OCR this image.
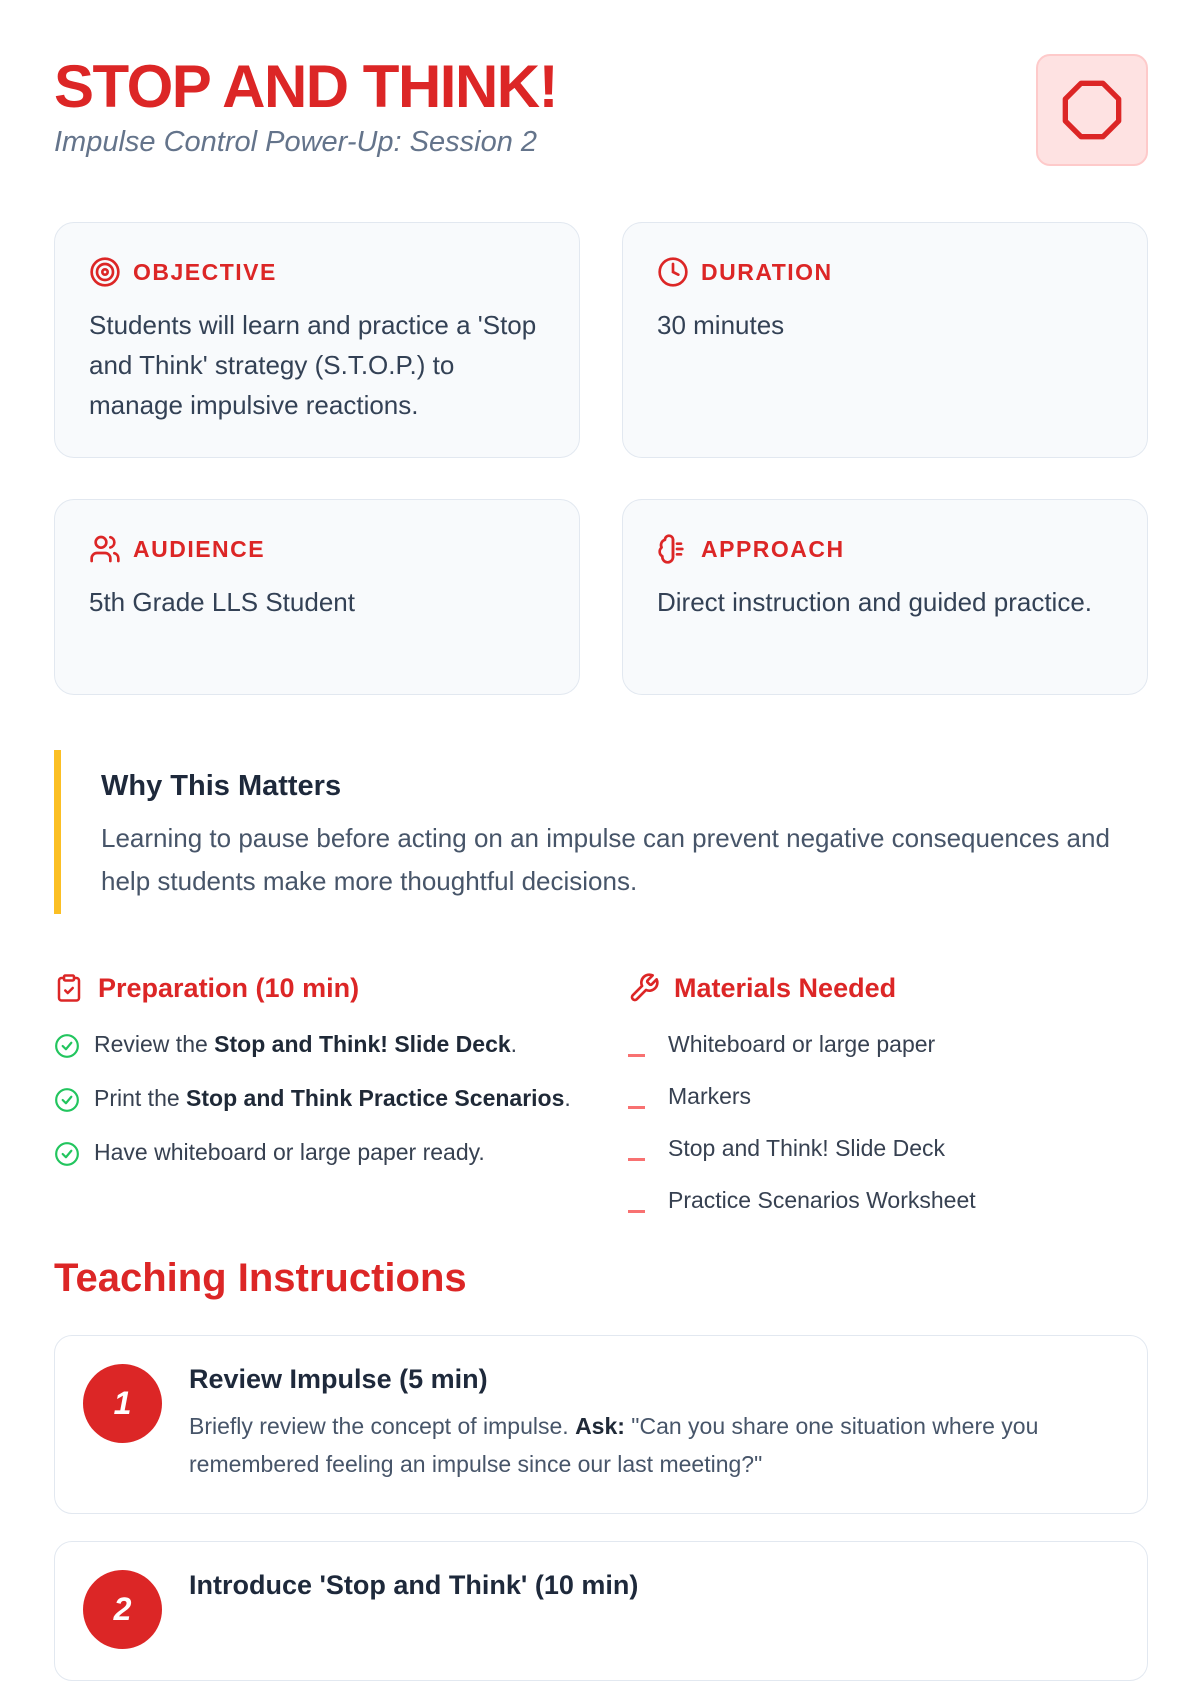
STOP AND THINK!
Impulse Control Power-Up: Session 2
OBJECTIVE
Students will learn and practice a 'Stop and Think' strategy (S.T.O.P.) to manage impulsive reactions.
DURATION
30 minutes
AUDIENCE
5th Grade LLS Student
APPROACH
Direct instruction and guided practice.
Why This Matters

Learning to pause before acting on an impulse can prevent negative consequences and help students make more thoughtful decisions.

Preparation (10 min)
Review the Stop and Think! Slide Deck.
Print the Stop and Think Practice Scenarios.
Have whiteboard or large paper ready.
Materials Needed
Whiteboard or large paper
Markers
Stop and Think! Slide Deck
Practice Scenarios Worksheet
Teaching Instructions
1
Review Impulse (5 min)

Briefly review the concept of impulse. Ask: "Can you share one situation where you remembered feeling an impulse since our last meeting?"

2
Introduce 'Stop and Think' (10 min)
